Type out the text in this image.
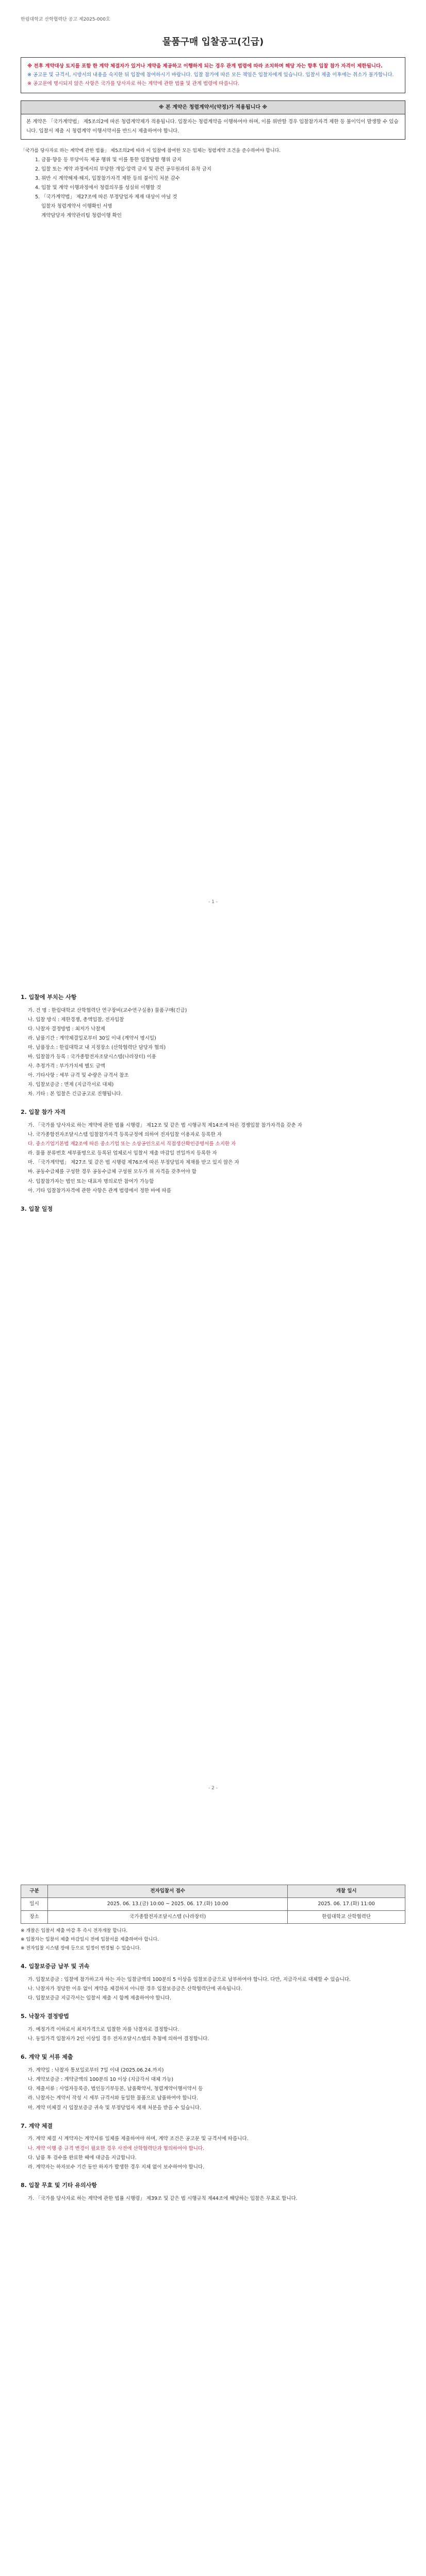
한림대학교 산학협력단 공고 제2025-000호
물품구매 입찰공고(긴급)

※ 전후 계약대상 토지를 포함 한 계약 체결자가 있거나 계약을 제공하고 이행하게 되는 경우 관계 법령에 따라 조치하며 해당 자는 향후 입찰 참가 자격이 제한됩니다.

※ 공고문 및 규격서, 시방서의 내용을 숙지한 뒤 입찰에 참여하시기 바랍니다. 입찰 참가에 따른 모든 책임은 입찰자에게 있습니다. 입찰서 제출 이후에는 취소가 불가합니다.

※ 공고문에 명시되지 않은 사항은 국가를 당사자로 하는 계약에 관한 법률 및 관계 법령에 따릅니다.

※ 본 계약은 청렴계약서(약정)가 적용됩니다 ※
본 계약은 「국가계약법」 제5조의2에 따른 청렴계약제가 적용됩니다. 입찰자는 청렴계약을 이행하여야 하며, 이를 위반할 경우 입찰참가자격 제한 등 불이익이 발생할 수 있습니다. 입찰서 제출 시 청렴계약 이행서약서를 반드시 제출하여야 합니다.

「국가를 당사자로 하는 계약에 관한 법률」 제5조의2에 따라 이 입찰에 참여한 모든 업체는 청렴계약 조건을 준수하여야 합니다.

1. 금품·향응 등 부당이득 제공 행위 및 이를 통한 입찰담합 행위 금지

2. 입찰 또는 계약 과정에서의 부당한 개입·압력 금지 및 관련 공무원과의 유착 금지

3. 위반 시 계약해제·해지, 입찰참가자격 제한 등의 불이익 처분 감수

4. 입찰 및 계약 이행과정에서 청렴의무를 성실히 이행할 것

5. 「국가계약법」 제27조에 따른 부정당업자 제재 대상이 아닐 것

입찰자 청렴계약서 이행확인 서명

계약담당자 계약관리팀 청렴이행 확인

- 1 -
1. 입찰에 부치는 사항

가. 건 명 : 한림대학교 산학협력단 연구장비(교수연구실용) 물품구매(긴급)

나. 입찰 방식 : 제한경쟁, 총액입찰, 전자입찰

다. 낙찰자 결정방법 : 최저가 낙찰제

라. 납품기간 : 계약체결일로부터 30일 이내 (계약서 명시일)

마. 납품장소 : 한림대학교 내 지정장소 (산학협력단 담당자 협의)

바. 입찰참가 등록 : 국가종합전자조달시스템(나라장터) 이용

사. 추정가격 : 부가가치세 별도 금액

아. 기타사항 : 세부 규격 및 수량은 규격서 참조

자. 입찰보증금 : 면제 (지급각서로 대체)

차. 기타 : 본 입찰은 긴급공고로 진행됩니다.

2. 입찰 참가 자격

가. 「국가를 당사자로 하는 계약에 관한 법률 시행령」 제12조 및 같은 법 시행규칙 제14조에 따른 경쟁입찰 참가자격을 갖춘 자

나. 국가종합전자조달시스템 입찰참가자격 등록규정에 의하여 전자입찰 이용자로 등록한 자

다. 중소기업기본법 제2조에 따른 중소기업 또는 소상공인으로서 직접생산확인증명서를 소지한 자

라. 물품 분류번호 세부품명으로 등록된 업체로서 입찰서 제출 마감일 전일까지 등록한 자

마. 「국가계약법」 제27조 및 같은 법 시행령 제76조에 따른 부정당업자 제재를 받고 있지 않은 자

바. 공동수급체를 구성한 경우 공동수급체 구성원 모두가 위 자격을 갖추어야 함

사. 입찰참가자는 법인 또는 대표자 명의로만 참여가 가능함

아. 기타 입찰참가자격에 관한 사항은 관계 법령에서 정한 바에 따름

3. 입찰 일정
- 2 -
구분	전자입찰서 접수	개찰 일시
일시	2025. 06. 13.(금) 10:00 ~ 2025. 06. 17.(화) 10:00	2025. 06. 17.(화) 11:00
장소	국가종합전자조달시스템 (나라장터)	한림대학교 산학협력단

※ 개찰은 입찰서 제출 마감 후 즉시 전자개찰 합니다.

※ 입찰자는 입찰서 제출 마감일시 전에 입찰서를 제출하여야 합니다.

※ 전자입찰 시스템 장애 등으로 일정이 변경될 수 있습니다.

4. 입찰보증금 납부 및 귀속

가. 입찰보증금 : 입찰에 참가하고자 하는 자는 입찰금액의 100분의 5 이상을 입찰보증금으로 납부하여야 합니다. 다만, 지급각서로 대체할 수 있습니다.

나. 낙찰자가 정당한 이유 없이 계약을 체결하지 아니한 경우 입찰보증금은 산학협력단에 귀속됩니다.

다. 입찰보증금 지급각서는 입찰서 제출 시 함께 제출하여야 합니다.

5. 낙찰자 결정방법

가. 예정가격 이하로서 최저가격으로 입찰한 자를 낙찰자로 결정합니다.

나. 동일가격 입찰자가 2인 이상일 경우 전자조달시스템의 추첨에 의하여 결정합니다.

6. 계약 및 서류 제출

가. 계약일 : 낙찰자 통보일로부터 7일 이내 (2025.06.24.까지)

나. 계약보증금 : 계약금액의 100분의 10 이상 (지급각서 대체 가능)

다. 제출서류 : 사업자등록증, 법인등기부등본, 납품확약서, 청렴계약이행서약서 등

라. 낙찰자는 계약서 작성 시 세부 규격서와 동일한 물품으로 납품하여야 합니다.

마. 계약 미체결 시 입찰보증금 귀속 및 부정당업자 제재 처분을 받을 수 있습니다.

7. 계약 체결

가. 계약 체결 시 계약자는 계약서류 일체를 제출하여야 하며, 계약 조건은 공고문 및 규격서에 따릅니다.

나. 계약 이행 중 규격 변경이 필요한 경우 사전에 산학협력단과 협의하여야 합니다.

다. 납품 후 검수를 완료한 때에 대금을 지급합니다.

라. 계약자는 하자보수 기간 동안 하자가 발생한 경우 지체 없이 보수하여야 합니다.

8. 입찰 무효 및 기타 유의사항

가. 「국가를 당사자로 하는 계약에 관한 법률 시행령」 제39조 및 같은 법 시행규칙 제44조에 해당하는 입찰은 무효로 합니다.
